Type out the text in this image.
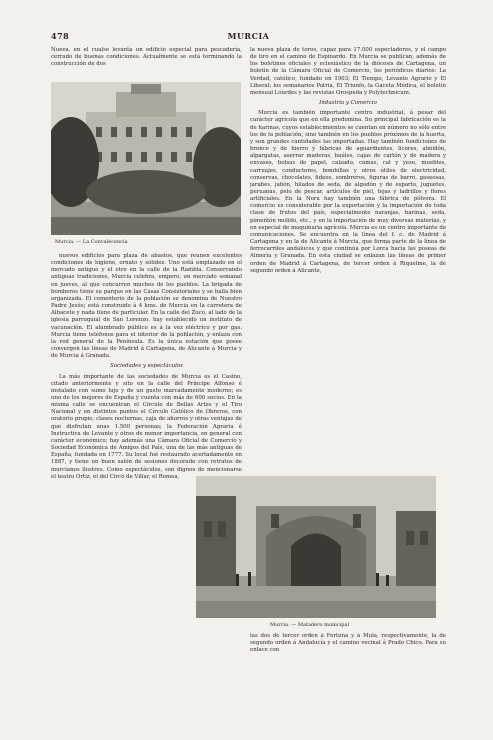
478	MURCIA

Nueva, en el cualse levanta un edificio especial para pescadería, cerrado de buenas condiciones. Actualmente se está terminando la construcción de dos

Murcia. — La Convalecencia

nuevos edificios para plaza de abastos, que reunen excelentes condiciones de higiene, ornato y solidez. Uno está emplazado en el mercado antiguo y el otro en la calle de la Rambla. Conservando antiguas tradiciones, Murcia celebra, empero, un mercado semanal en jueves, al que concurren muchos de los pueblos. La brigada de bomberos tiene su parque en las Casas Consistoriales y se halla bien organizada. El cementerio de la población se denomina de Nuestro Padre Jesús; está construido á 4 kms. de Murcia en la carretera de Albacete y nada tiene de particular. En la calle del Zoco, al lado de la iglesia parroquial de San Lorenzo, hay establecido un instituto de vacunación. El alumbrado público es á la vez eléctrico y por gas. Murcia tiene teléfonos para el interior de la población, y enlaza con la red general de la Península. Es la única estación que posee convergen las líneas de Madrid á Cartagena, de Alicante á Murcia y de Murcia á Granada.

Sociedades y espectáculos

La más importante de las sociedades de Murcia es el Casino, citado anteriormente y sito en la calle del Príncipe Alfonso é instalado con sumo lujo y de un gusto marcadamente moderno; es uno de los mejores de España y cuenta con más de 600 socios. En la misma calle se encuentran el Círculo de Bellas Artes y el Tiro Nacional y en distintos puntos el Círculo Católico de Obreros, con oratorio propio, clases nocturnas, caja de ahorros y otras ventajas de que disfrutan unas 1.500 personas; la Federación Agraria é Instructiva de Levante y otros de menor importancia, en general con carácter económico; hay además una Cámara Oficial de Comercio y Sociedad Económica de Amigos del País, una de las más antiguas de España, fundada en 1777. Su local fué restaurado acertadamente en 1887, y tiene un buen salón de sesiones decorado con retratos de murcianos ilustres. Como espectáculos, son dignos de mencionarse el teatro Ortiz, el del Circo de Villar, el Romea,

la nueva plaza de toros, capaz para 17.000 espectadores, y el campo de tiro en el camino de Espinardo. En Murcia se publican, además de los boletines oficiales y eclesiástico de la diócesis de Cartagena, un boletín de la Cámara Oficial de Comercio, los periódicos diarios: La Verdad, católico, fundado en 1903; El Tiempo, Levante Agrario y El Liberal; los semanarios Patria, El Triunfo, la Gaceta Médica, el boletín mensual Lourdes y las revistas Orospeda y Polytechnicum.

Industria y Comercio

Murcia es también importante centro industrial, á pesar del carácter agrícola que en ella predomina. Su principal fabricación es la de harinas, cuyos establecimientos se cuentan en número no sólo entre los de la población, sino también en los pueblos próximos de la huerta, y son grandes cantidades las importadas. Hay también fundiciones de bronce y de hierro y fábricas de aguardientes, licores, almidón, alpargatas, aserrar maderas, baúles, cajas de cartón y de madera y envases, bolsas de papel, calzado, camas, cal y yeso, muebles, carruajes, conductores, bombillas y otros útiles de electricidad, conservas, chocolates, fideos, sombreros, figuras de barro, gaseosas, jarabes, jabón, hilados de seda, de algodón y de esparto, juguetes, peruanas, pelo de pescar, artículos de piel, tejas y ladrillos y flores artificiales. En la Nora hay también una fábrica de pólvora. El comercio es considerable por la exportación y la importación de toda clase de frutos del país, especialmente naranjas, harinas, seda, pimentón molido, etc., y en la importación de muy diversas materias, y en especial de maquinaria agrícola. Murcia es un centro importante de comunicaciones. Se encuentra en la línea del f. c. de Madrid á Cartagena y en la de Alicante á Murcia, que forma parte de la línea de ferrocarriles andaluces y que continúa por Lorca hacia las poseas de Almería y Granada. En esta ciudad se enlazan las líneas de primer orden de Madrid á Cartagena, de tercer orden á Riquelme, la de segundo orden á Alicante,

Murcia. — Matadero municipal

las dos de tercer orden á Fortuna y á Mula, respectivamente, la de segundo orden á Andalucía y el camino vecinal á Prado Chico. Para su enlace con
